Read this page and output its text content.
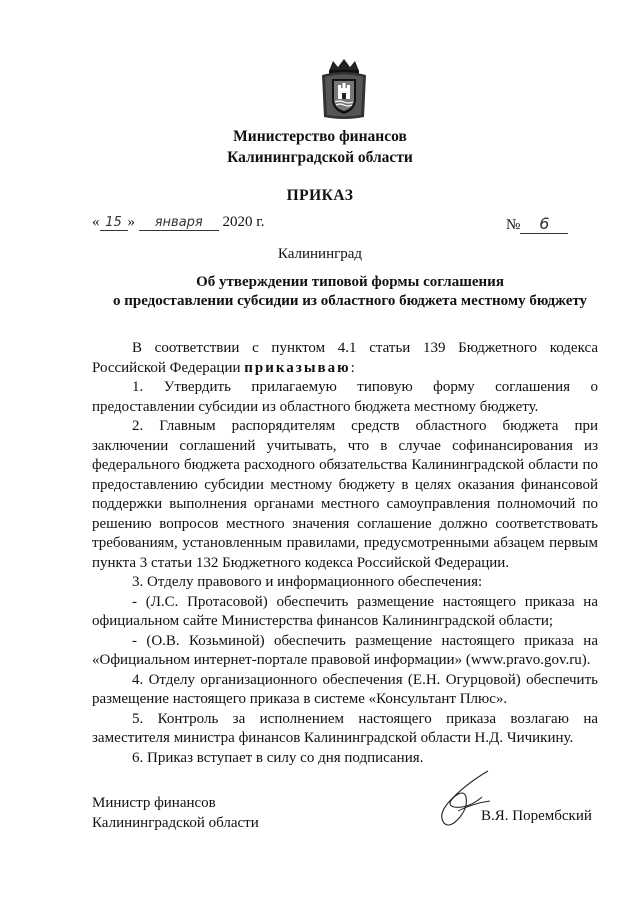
Министерство финансов
Калининградской области
ПРИКАЗ
« 15 » января 2020 г.	№ 6
Калининград
Об утверждении типовой формы соглашения
о предоставлении субсидии из областного бюджета местному бюджету

В соответствии с пунктом 4.1 статьи 139 Бюджетного кодекса Российской Федерации приказываю:

1. Утвердить прилагаемую типовую форму соглашения о предоставлении субсидии из областного бюджета местному бюджету.

2. Главным распорядителям средств областного бюджета при заключении соглашений учитывать, что в случае софинансирования из федерального бюджета расходного обязательства Калининградской области по предоставлению субсидии местному бюджету в целях оказания финансовой поддержки выполнения органами местного самоуправления полномочий по решению вопросов местного значения соглашение должно соответствовать требованиям, установленным правилами, предусмотренными абзацем первым пункта 3 статьи 132 Бюджетного кодекса Российской Федерации.

3. Отделу правового и информационного обеспечения:

- (Л.С. Протасовой) обеспечить размещение настоящего приказа на официальном сайте Министерства финансов Калининградской области;

- (О.В. Козьминой) обеспечить размещение настоящего приказа на «Официальном интернет-портале правовой информации» (www.pravo.gov.ru).

4. Отделу организационного обеспечения (Е.Н. Огурцовой) обеспечить размещение настоящего приказа в системе «Консультант Плюс».

5. Контроль за исполнением настоящего приказа возлагаю на заместителя министра финансов Калининградской области Н.Д. Чичикину.

6. Приказ вступает в силу со дня подписания.

Министр финансов
Калининградской области	В.Я. Порембский
